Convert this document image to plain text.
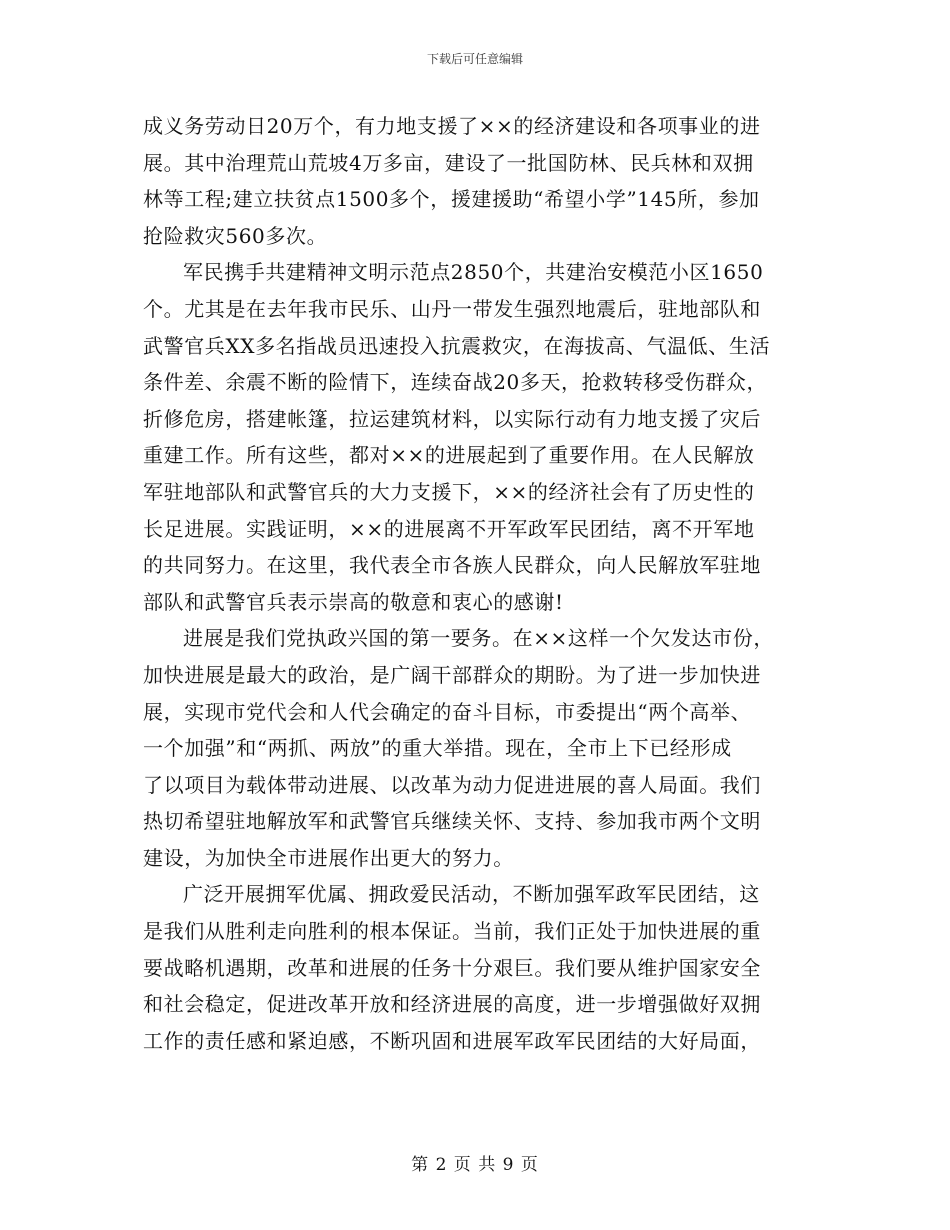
下载后可任意编辑
成义务劳动日20万个，有力地支援了××的经济建设和各项事业的进
展。其中治理荒山荒坡4万多亩，建设了一批国防林、民兵林和双拥
林等工程;建立扶贫点1500多个，援建援助“希望小学”145所，参加
抢险救灾560多次。
军民携手共建精神文明示范点2850个，共建治安模范小区1650
个。尤其是在去年我市民乐、山丹一带发生强烈地震后，驻地部队和
武警官兵XX多名指战员迅速投入抗震救灾，在海拔高、气温低、生活
条件差、余震不断的险情下，连续奋战20多天，抢救转移受伤群众，
折修危房，搭建帐篷，拉运建筑材料，以实际行动有力地支援了灾后
重建工作。所有这些，都对××的进展起到了重要作用。在人民解放
军驻地部队和武警官兵的大力支援下，××的经济社会有了历史性的
长足进展。实践证明，××的进展离不开军政军民团结，离不开军地
的共同努力。在这里，我代表全市各族人民群众，向人民解放军驻地
部队和武警官兵表示崇高的敬意和衷心的感谢!
进展是我们党执政兴国的第一要务。在××这样一个欠发达市份，
加快进展是最大的政治，是广阔干部群众的期盼。为了进一步加快进
展，实现市党代会和人代会确定的奋斗目标，市委提出“两个高举、
一个加强”和“两抓、两放”的重大举措。现在，全市上下已经形成
了以项目为载体带动进展、以改革为动力促进进展的喜人局面。我们
热切希望驻地解放军和武警官兵继续关怀、支持、参加我市两个文明
建设，为加快全市进展作出更大的努力。
广泛开展拥军优属、拥政爱民活动，不断加强军政军民团结，这
是我们从胜利走向胜利的根本保证。当前，我们正处于加快进展的重
要战略机遇期，改革和进展的任务十分艰巨。我们要从维护国家安全
和社会稳定，促进改革开放和经济进展的高度，进一步增强做好双拥
工作的责任感和紧迫感，不断巩固和进展军政军民团结的大好局面，
第 2 页 共 9 页
